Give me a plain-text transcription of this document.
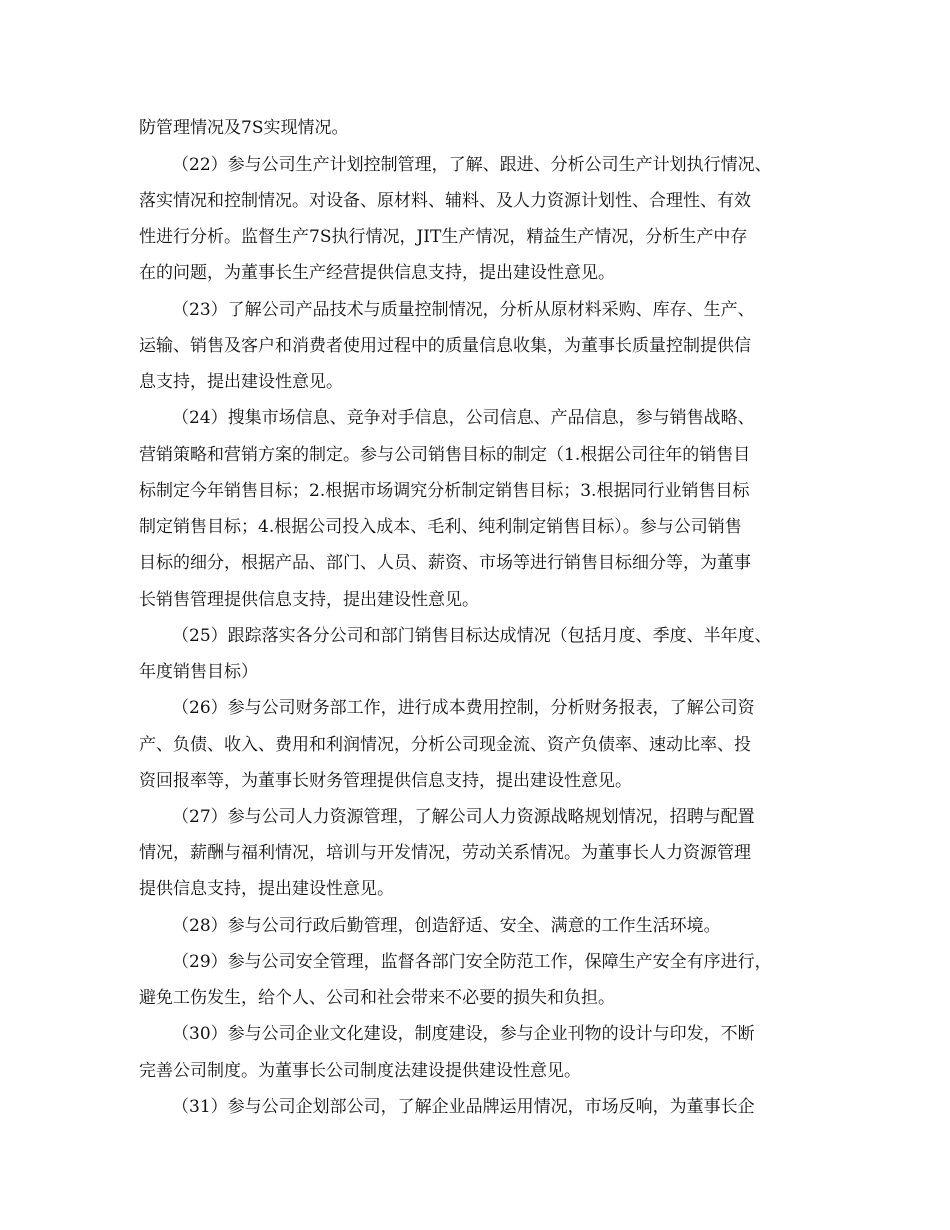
防管理情况及7S实现情况。
（22）参与公司生产计划控制管理，了解、跟进、分析公司生产计划执行情况、
落实情况和控制情况。对设备、原材料、辅料、及人力资源计划性、合理性、有效
性进行分析。监督生产7S执行情况，JIT生产情况，精益生产情况，分析生产中存
在的问题，为董事长生产经营提供信息支持，提出建设性意见。
（23）了解公司产品技术与质量控制情况，分析从原材料采购、库存、生产、
运输、销售及客户和消费者使用过程中的质量信息收集，为董事长质量控制提供信
息支持，提出建设性意见。
（24）搜集市场信息、竞争对手信息，公司信息、产品信息，参与销售战略、
营销策略和营销方案的制定。参与公司销售目标的制定（1.根据公司往年的销售目
标制定今年销售目标；2.根据市场调究分析制定销售目标；3.根据同行业销售目标
制定销售目标；4.根据公司投入成本、毛利、纯利制定销售目标）。参与公司销售
目标的细分，根据产品、部门、人员、薪资、市场等进行销售目标细分等，为董事
长销售管理提供信息支持，提出建设性意见。
（25）跟踪落实各分公司和部门销售目标达成情况（包括月度、季度、半年度、
年度销售目标）
（26）参与公司财务部工作，进行成本费用控制，分析财务报表，了解公司资
产、负债、收入、费用和利润情况，分析公司现金流、资产负债率、速动比率、投
资回报率等，为董事长财务管理提供信息支持，提出建设性意见。
（27）参与公司人力资源管理，了解公司人力资源战略规划情况，招聘与配置
情况，薪酬与福利情况，培训与开发情况，劳动关系情况。为董事长人力资源管理
提供信息支持，提出建设性意见。
（28）参与公司行政后勤管理，创造舒适、安全、满意的工作生活环境。
（29）参与公司安全管理，监督各部门安全防范工作，保障生产安全有序进行，
避免工伤发生，给个人、公司和社会带来不必要的损失和负担。
（30）参与公司企业文化建设，制度建设，参与企业刊物的设计与印发，不断
完善公司制度。为董事长公司制度法建设提供建设性意见。
（31）参与公司企划部公司，了解企业品牌运用情况，市场反响，为董事长企
